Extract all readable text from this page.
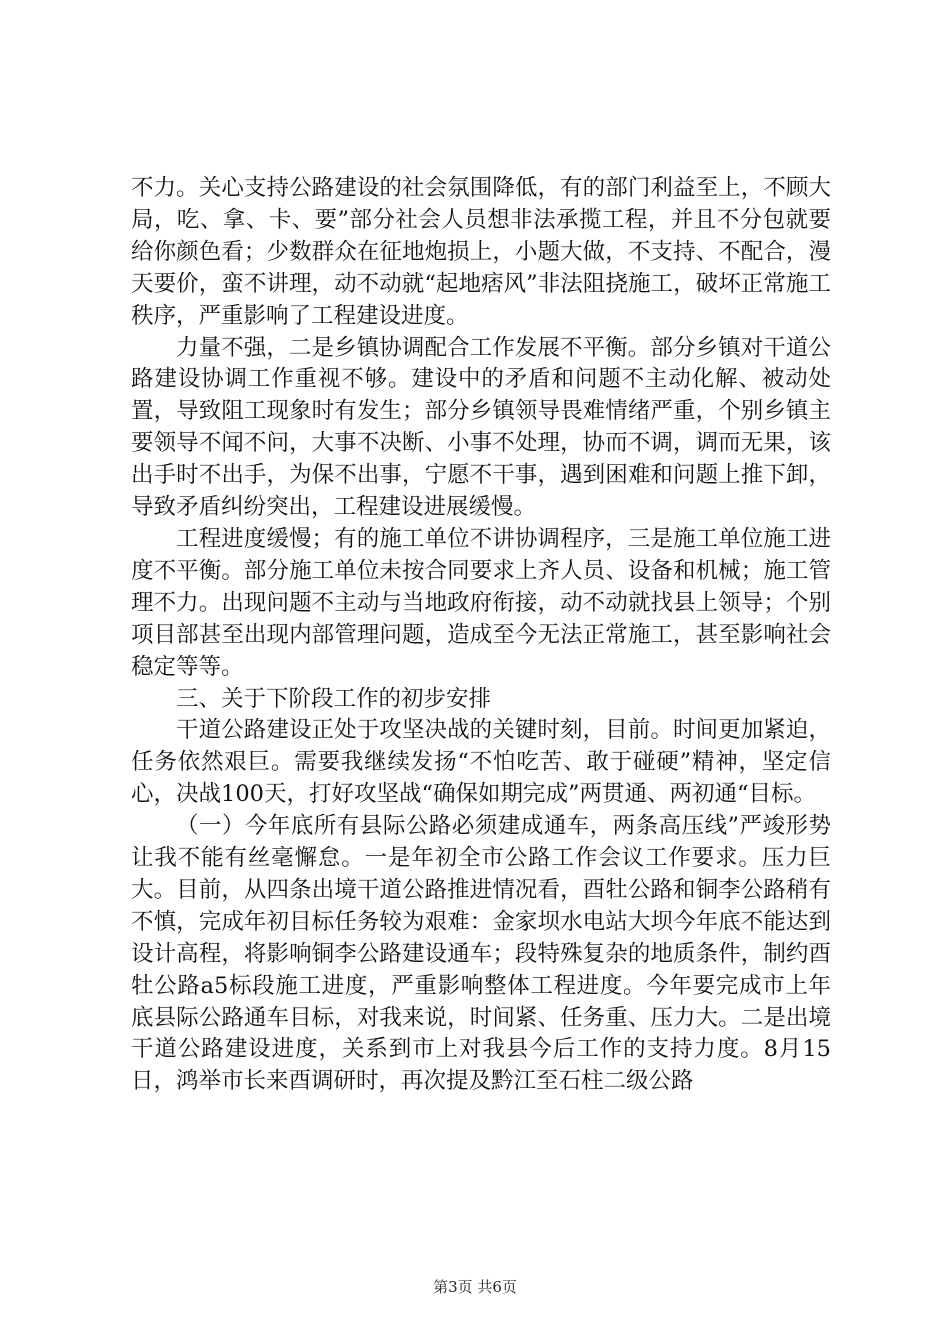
不力。关心支持公路建设的社会氛围降低，有的部门利益至上，不顾大局，吃、拿、卡、要”部分社会人员想非法承揽工程，并且不分包就要给你颜色看；少数群众在征地炮损上，小题大做，不支持、不配合，漫天要价，蛮不讲理，动不动就“起地痞风”非法阻挠施工，破坏正常施工秩序，严重影响了工程建设进度。

力量不强，二是乡镇协调配合工作发展不平衡。部分乡镇对干道公路建设协调工作重视不够。建设中的矛盾和问题不主动化解、被动处置，导致阻工现象时有发生；部分乡镇领导畏难情绪严重，个别乡镇主要领导不闻不问，大事不决断、小事不处理，协而不调，调而无果，该出手时不出手，为保不出事，宁愿不干事，遇到困难和问题上推下卸，导致矛盾纠纷突出，工程建设进展缓慢。

工程进度缓慢；有的施工单位不讲协调程序，三是施工单位施工进度不平衡。部分施工单位未按合同要求上齐人员、设备和机械；施工管理不力。出现问题不主动与当地政府衔接，动不动就找县上领导；个别项目部甚至出现内部管理问题，造成至今无法正常施工，甚至影响社会稳定等等。

三、关于下阶段工作的初步安排

干道公路建设正处于攻坚决战的关键时刻，目前。时间更加紧迫，任务依然艰巨。需要我继续发扬“不怕吃苦、敢于碰硬”精神，坚定信心，决战100天，打好攻坚战“确保如期完成”两贯通、两初通“目标。

（一）今年底所有县际公路必须建成通车，两条高压线”严竣形势让我不能有丝毫懈怠。一是年初全市公路工作会议工作要求。压力巨大。目前，从四条出境干道公路推进情况看，酉牡公路和铜李公路稍有不慎，完成年初目标任务较为艰难：金家坝水电站大坝今年底不能达到设计高程，将影响铜李公路建设通车；段特殊复杂的地质条件，制约酉牡公路a5标段施工进度，严重影响整体工程进度。今年要完成市上年底县际公路通车目标，对我来说，时间紧、任务重、压力大。二是出境干道公路建设进度，关系到市上对我县今后工作的支持力度。8月15日，鸿举市长来酉调研时，再次提及黔江至石柱二级公路

第3页 共6页
